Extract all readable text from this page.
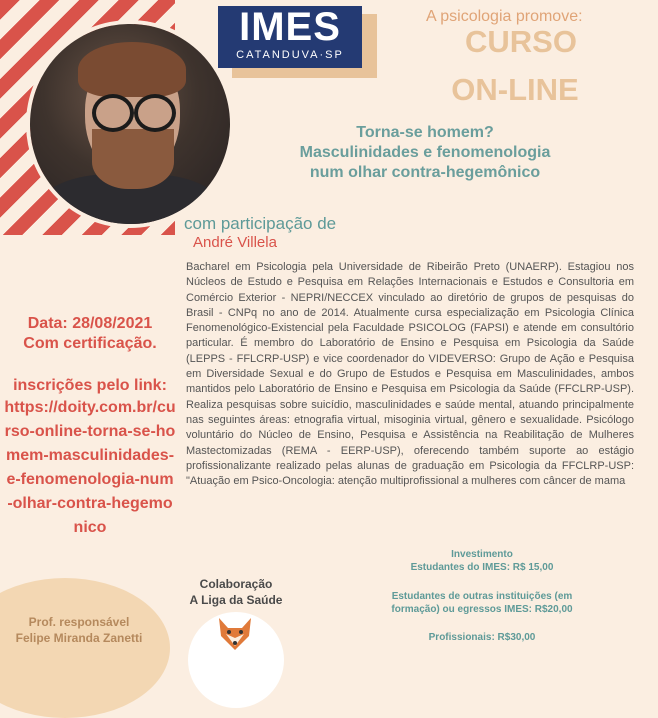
IMES
CATANDUVA·SP
A psicologia promove:
CURSO
ON-LINE
Torna-se homem?
Masculinidades e fenomenologia
num olhar contra-hegemônico
com participação de
André Villela
Bacharel em Psicologia pela Universidade de Ribeirão Preto (UNAERP). Estagiou nos Núcleos de Estudo e Pesquisa em Relações Internacionais e Estudos e Consultoria em Comércio Exterior - NEPRI/NECCEX vinculado ao diretório de grupos de pesquisas do Brasil - CNPq no ano de 2014. Atualmente cursa especialização em Psicologia Clínica Fenomenológico-Existencial pela Faculdade PSICOLOG (FAPSI) e atende em consultório particular. É membro do Laboratório de Ensino e Pesquisa em Psicologia da Saúde (LEPPS - FFLCRP-USP) e vice coordenador do VIDEVERSO: Grupo de Ação e Pesquisa em Diversidade Sexual e do Grupo de Estudos e Pesquisa em Masculinidades, ambos mantidos pelo Laboratório de Ensino e Pesquisa em Psicologia da Saúde (FFCLRP-USP). Realiza pesquisas sobre suicídio, masculinidades e saúde mental, atuando principalmente nas seguintes áreas: etnografia virtual, misoginia virtual, gênero e sexualidade. Psicólogo voluntário do Núcleo de Ensino, Pesquisa e Assistência na Reabilitação de Mulheres Mastectomizadas (REMA - EERP-USP), oferecendo também suporte ao estágio profissionalizante realizado pelas alunas de graduação em Psicologia da FFCLRP-USP: "Atuação em Psico-Oncologia: atenção multiprofissional a mulheres com câncer de mama
Data: 28/08/2021
Com certificação.
inscrições pelo link:
https://doity.com.br/curso-online-torna-se-homem-masculinidades-e-fenomenologia-num-olhar-contra-hegemonico
Investimento
Estudantes do IMES: R$ 15,00
Estudantes de outras instituições (em formação) ou egressos IMES: R$20,00
Profissionais: R$30,00
Colaboração
A Liga da Saúde
Prof. responsável
Felipe Miranda Zanetti
